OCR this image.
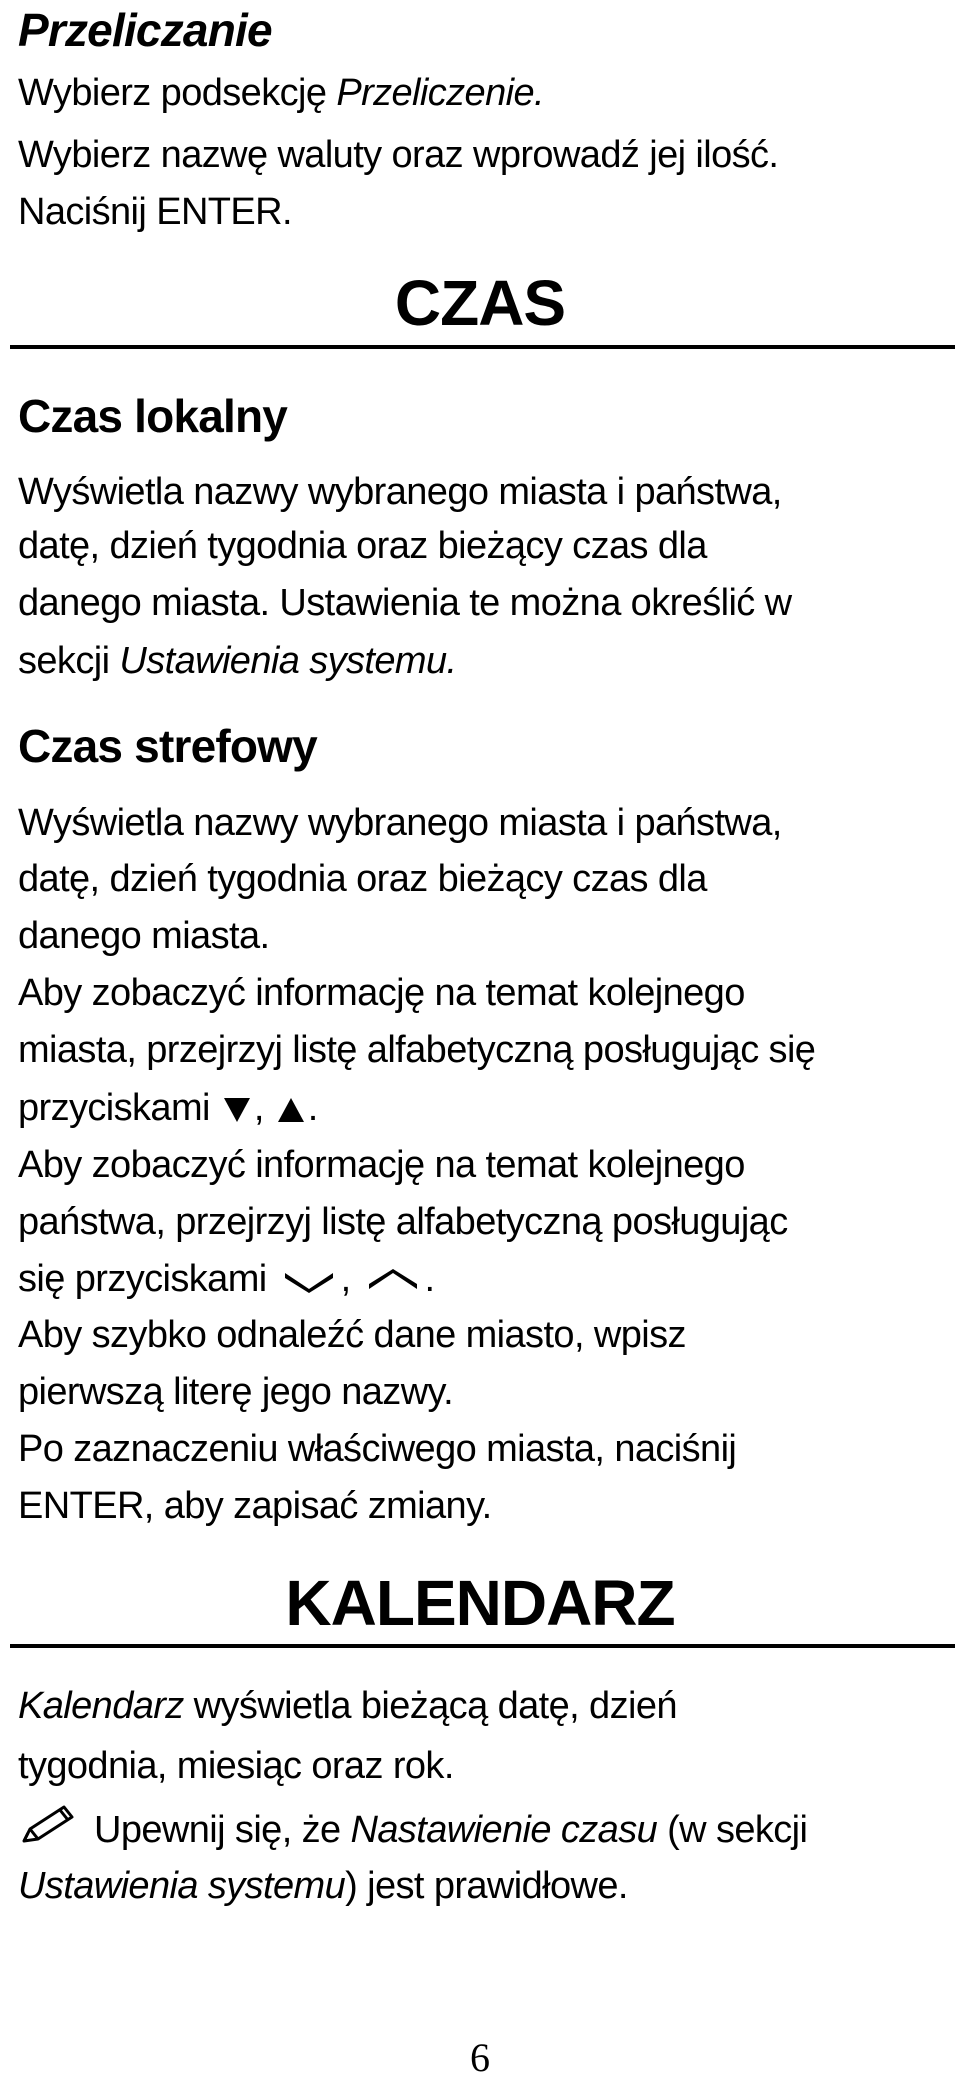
Przeliczanie
Wybierz podsekcję Przeliczenie.
Wybierz nazwę waluty oraz wprowadź jej ilość.
Naciśnij ENTER.
CZAS
Czas lokalny
Wyświetla nazwy wybranego miasta i państwa,
datę, dzień tygodnia oraz bieżący czas dla
danego miasta. Ustawienia te można określić w
sekcji Ustawienia systemu.
Czas strefowy
Wyświetla nazwy wybranego miasta i państwa,
datę, dzień tygodnia oraz bieżący czas dla
danego miasta.
Aby zobaczyć informację na temat kolejnego
miasta, przejrzyj listę alfabetyczną posługując się
przyciskami , .
Aby zobaczyć informację na temat kolejnego
państwa, przejrzyj listę alfabetyczną posługując
się przyciskami , .
Aby szybko odnaleźć dane miasto, wpisz
pierwszą literę jego nazwy.
Po zaznaczeniu właściwego miasta, naciśnij
ENTER, aby zapisać zmiany.
KALENDARZ
Kalendarz wyświetla bieżącą datę, dzień
tygodnia, miesiąc oraz rok.
Upewnij się, że Nastawienie czasu (w sekcji
Ustawienia systemu) jest prawidłowe.
6
